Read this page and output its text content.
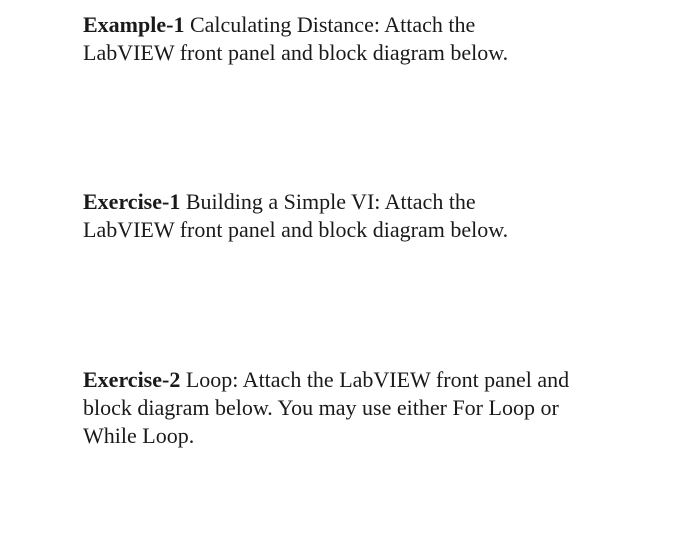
Example-1 Calculating Distance: Attach the
LabVIEW front panel and block diagram below.

Exercise-1 Building a Simple VI: Attach the
LabVIEW front panel and block diagram below.

Exercise-2 Loop: Attach the LabVIEW front panel and
block diagram below. You may use either For Loop or
While Loop.
